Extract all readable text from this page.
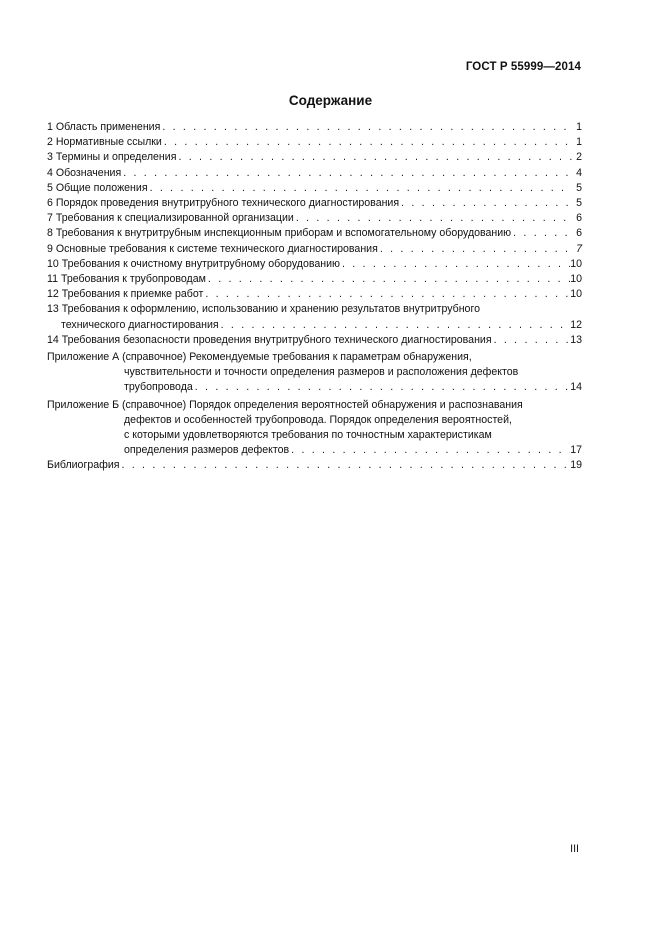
ГОСТ Р 55999—2014
Содержание
1 Область применения . . .	1
2 Нормативные ссылки . . .	1
3 Термины и определения . . .	2
4 Обозначения . . .	4
5 Общие положения . . .	5
6 Порядок проведения внутритрубного технического диагностирования . . .	5
7 Требования к специализированной организации . . .	6
8 Требования к внутритрубным инспекционным приборам и вспомогательному оборудованию . . .	6
9 Основные требования к системе технического диагностирования . . .	7
10 Требования к очистному внутритрубному оборудованию . . .	10
11 Требования к трубопроводам . . .	10
12 Требования к приемке работ . . .	10
13 Требования к оформлению, использованию и хранению результатов внутритрубного
технического диагностирования . . .	12
14 Требования безопасности проведения внутритрубного технического диагностирования . . .	13
Приложение А (справочное) Рекомендуемые требования к параметрам обнаружения,
чувствительности и точности определения размеров и расположения дефектов
трубопровода . . .	14
Приложение Б (справочное) Порядок определения вероятностей обнаружения и распознавания
дефектов и особенностей трубопровода. Порядок определения вероятностей,
с которыми удовлетворяются требования по точностным характеристикам
определения размеров дефектов . . .	17
Библиография . . .	19
III
